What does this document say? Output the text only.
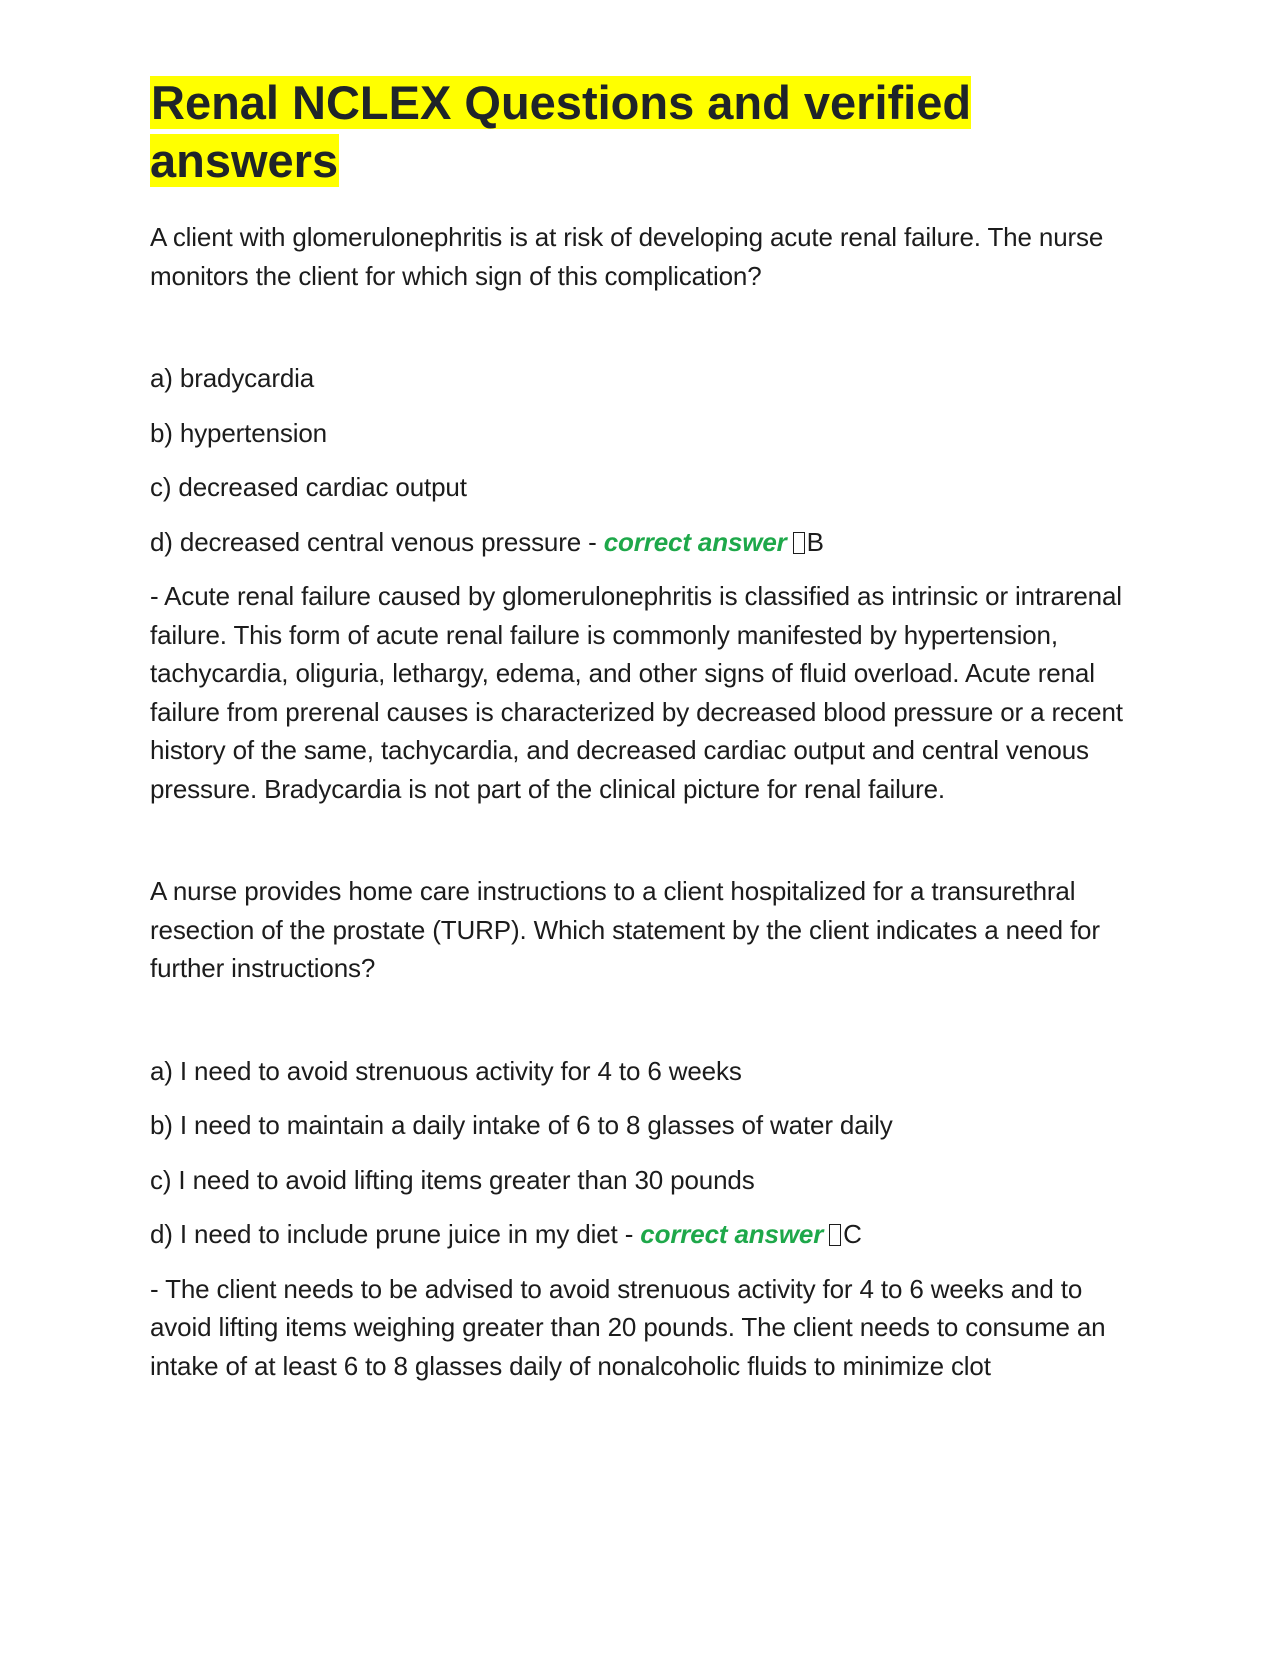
Renal NCLEX Questions and verified answers

A client with glomerulonephritis is at risk of developing acute renal failure. The nurse monitors the client for which sign of this complication?

a) bradycardia

b) hypertension

c) decreased cardiac output

d) decreased central venous pressure - correct answer B

- Acute renal failure caused by glomerulonephritis is classified as intrinsic or intrarenal failure. This form of acute renal failure is commonly manifested by hypertension, tachycardia, oliguria, lethargy, edema, and other signs of fluid overload. Acute renal failure from prerenal causes is characterized by decreased blood pressure or a recent history of the same, tachycardia, and decreased cardiac output and central venous pressure. Bradycardia is not part of the clinical picture for renal failure.

A nurse provides home care instructions to a client hospitalized for a transurethral resection of the prostate (TURP). Which statement by the client indicates a need for further instructions?

a) I need to avoid strenuous activity for 4 to 6 weeks

b) I need to maintain a daily intake of 6 to 8 glasses of water daily

c) I need to avoid lifting items greater than 30 pounds

d) I need to include prune juice in my diet - correct answer C

- The client needs to be advised to avoid strenuous activity for 4 to 6 weeks and to avoid lifting items weighing greater than 20 pounds. The client needs to consume an intake of at least 6 to 8 glasses daily of nonalcoholic fluids to minimize clot
